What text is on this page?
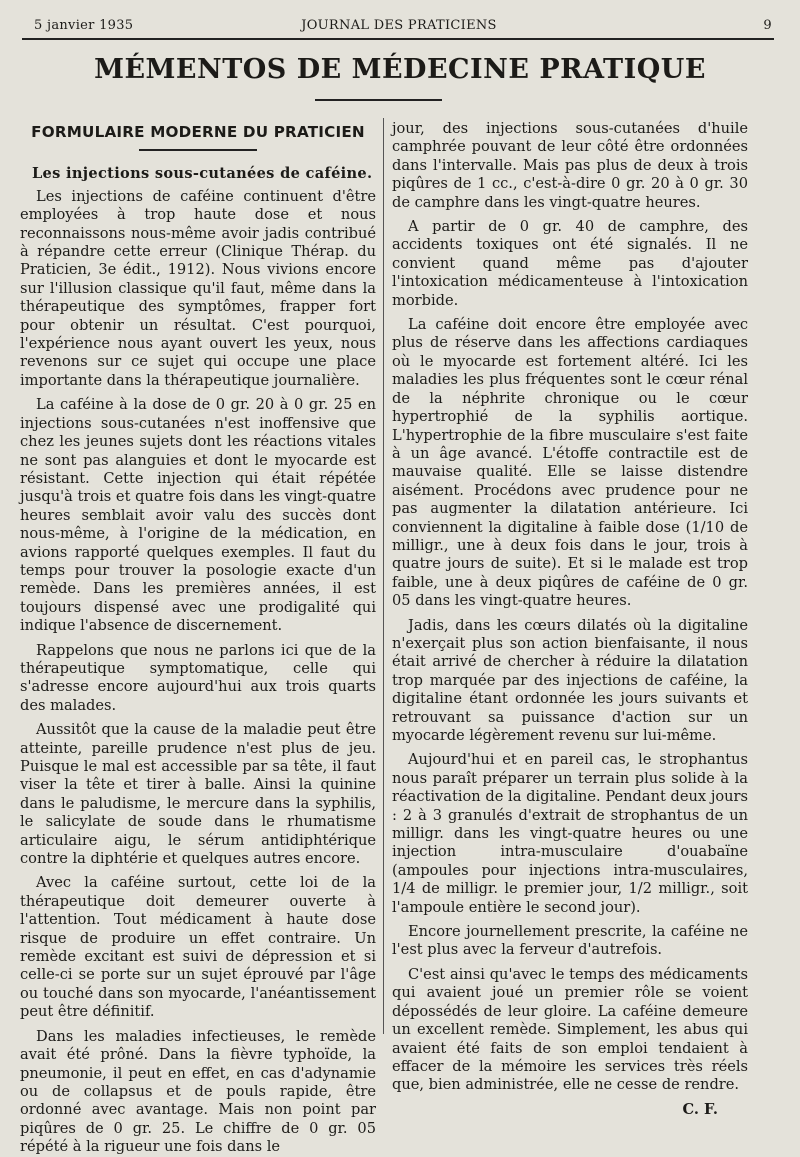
5 janvier 1935	JOURNAL DES PRATICIENS	9
MÉMENTOS DE MÉDECINE PRATIQUE
FORMULAIRE MODERNE DU PRATICIEN
Les injections sous-cutanées de caféine.

Les injections de caféine continuent d'être employées à trop haute dose et nous reconnaissons nous-même avoir jadis contribué à répandre cette erreur (Clinique Thérap. du Praticien, 3e édit., 1912). Nous vivions encore sur l'illusion classique qu'il faut, même dans la thérapeutique des symptômes, frapper fort pour obtenir un résultat. C'est pourquoi, l'expérience nous ayant ouvert les yeux, nous revenons sur ce sujet qui occupe une place importante dans la thérapeutique journalière.

La caféine à la dose de 0 gr. 20 à 0 gr. 25 en injections sous-cutanées n'est inoffensive que chez les jeunes sujets dont les réactions vitales ne sont pas alanguies et dont le myocarde est résistant. Cette injection qui était répétée jusqu'à trois et quatre fois dans les vingt-quatre heures semblait avoir valu des succès dont nous-même, à l'origine de la médication, en avions rapporté quelques exemples. Il faut du temps pour trouver la posologie exacte d'un remède. Dans les premières années, il est toujours dispensé avec une prodigalité qui indique l'absence de discernement.

Rappelons que nous ne parlons ici que de la thérapeutique symptomatique, celle qui s'adresse encore aujourd'hui aux trois quarts des malades.

Aussitôt que la cause de la maladie peut être atteinte, pareille prudence n'est plus de jeu. Puisque le mal est accessible par sa tête, il faut viser la tête et tirer à balle. Ainsi la quinine dans le paludisme, le mercure dans la syphilis, le salicylate de soude dans le rhumatisme articulaire aigu, le sérum antidiphtérique contre la diphtérie et quelques autres encore.

Avec la caféine surtout, cette loi de la thérapeutique doit demeurer ouverte à l'attention. Tout médicament à haute dose risque de produire un effet contraire. Un remède excitant est suivi de dépression et si celle-ci se porte sur un sujet éprouvé par l'âge ou touché dans son myocarde, l'anéantissement peut être définitif.

Dans les maladies infectieuses, le remède avait été prôné. Dans la fièvre typhoïde, la pneumonie, il peut en effet, en cas d'adynamie ou de collapsus et de pouls rapide, être ordonné avec avantage. Mais non point par piqûres de 0 gr. 25. Le chiffre de 0 gr. 05 répété à la rigueur une fois dans le

jour, des injections sous-cutanées d'huile camphrée pouvant de leur côté être ordonnées dans l'intervalle. Mais pas plus de deux à trois piqûres de 1 cc., c'est-à-dire 0 gr. 20 à 0 gr. 30 de camphre dans les vingt-quatre heures.

A partir de 0 gr. 40 de camphre, des accidents toxiques ont été signalés. Il ne convient quand même pas d'ajouter l'intoxication médicamenteuse à l'intoxication morbide.

La caféine doit encore être employée avec plus de réserve dans les affections cardiaques où le myocarde est fortement altéré. Ici les maladies les plus fréquentes sont le cœur rénal de la néphrite chronique ou le cœur hypertrophié de la syphilis aortique. L'hypertrophie de la fibre musculaire s'est faite à un âge avancé. L'étoffe contractile est de mauvaise qualité. Elle se laisse distendre aisément. Procédons avec prudence pour ne pas augmenter la dilatation antérieure. Ici conviennent la digitaline à faible dose (1/10 de milligr., une à deux fois dans le jour, trois à quatre jours de suite). Et si le malade est trop faible, une à deux piqûres de caféine de 0 gr. 05 dans les vingt-quatre heures.

Jadis, dans les cœurs dilatés où la digitaline n'exerçait plus son action bienfaisante, il nous était arrivé de chercher à réduire la dilatation trop marquée par des injections de caféine, la digitaline étant ordonnée les jours suivants et retrouvant sa puissance d'action sur un myocarde légèrement revenu sur lui-même.

Aujourd'hui et en pareil cas, le strophantus nous paraît préparer un terrain plus solide à la réactivation de la digitaline. Pendant deux jours : 2 à 3 granulés d'extrait de strophantus de un milligr. dans les vingt-quatre heures ou une injection intra-musculaire d'ouabaïne (ampoules pour injections intra-musculaires, 1/4 de milligr. le premier jour, 1/2 milligr., soit l'ampoule entière le second jour).

Encore journellement prescrite, la caféine ne l'est plus avec la ferveur d'autrefois.

C'est ainsi qu'avec le temps des médicaments qui avaient joué un premier rôle se voient dépossédés de leur gloire. La caféine demeure un excellent remède. Simplement, les abus qui avaient été faits de son emploi tendaient à effacer de la mémoire les services très réels que, bien administrée, elle ne cesse de rendre.

C. F.
